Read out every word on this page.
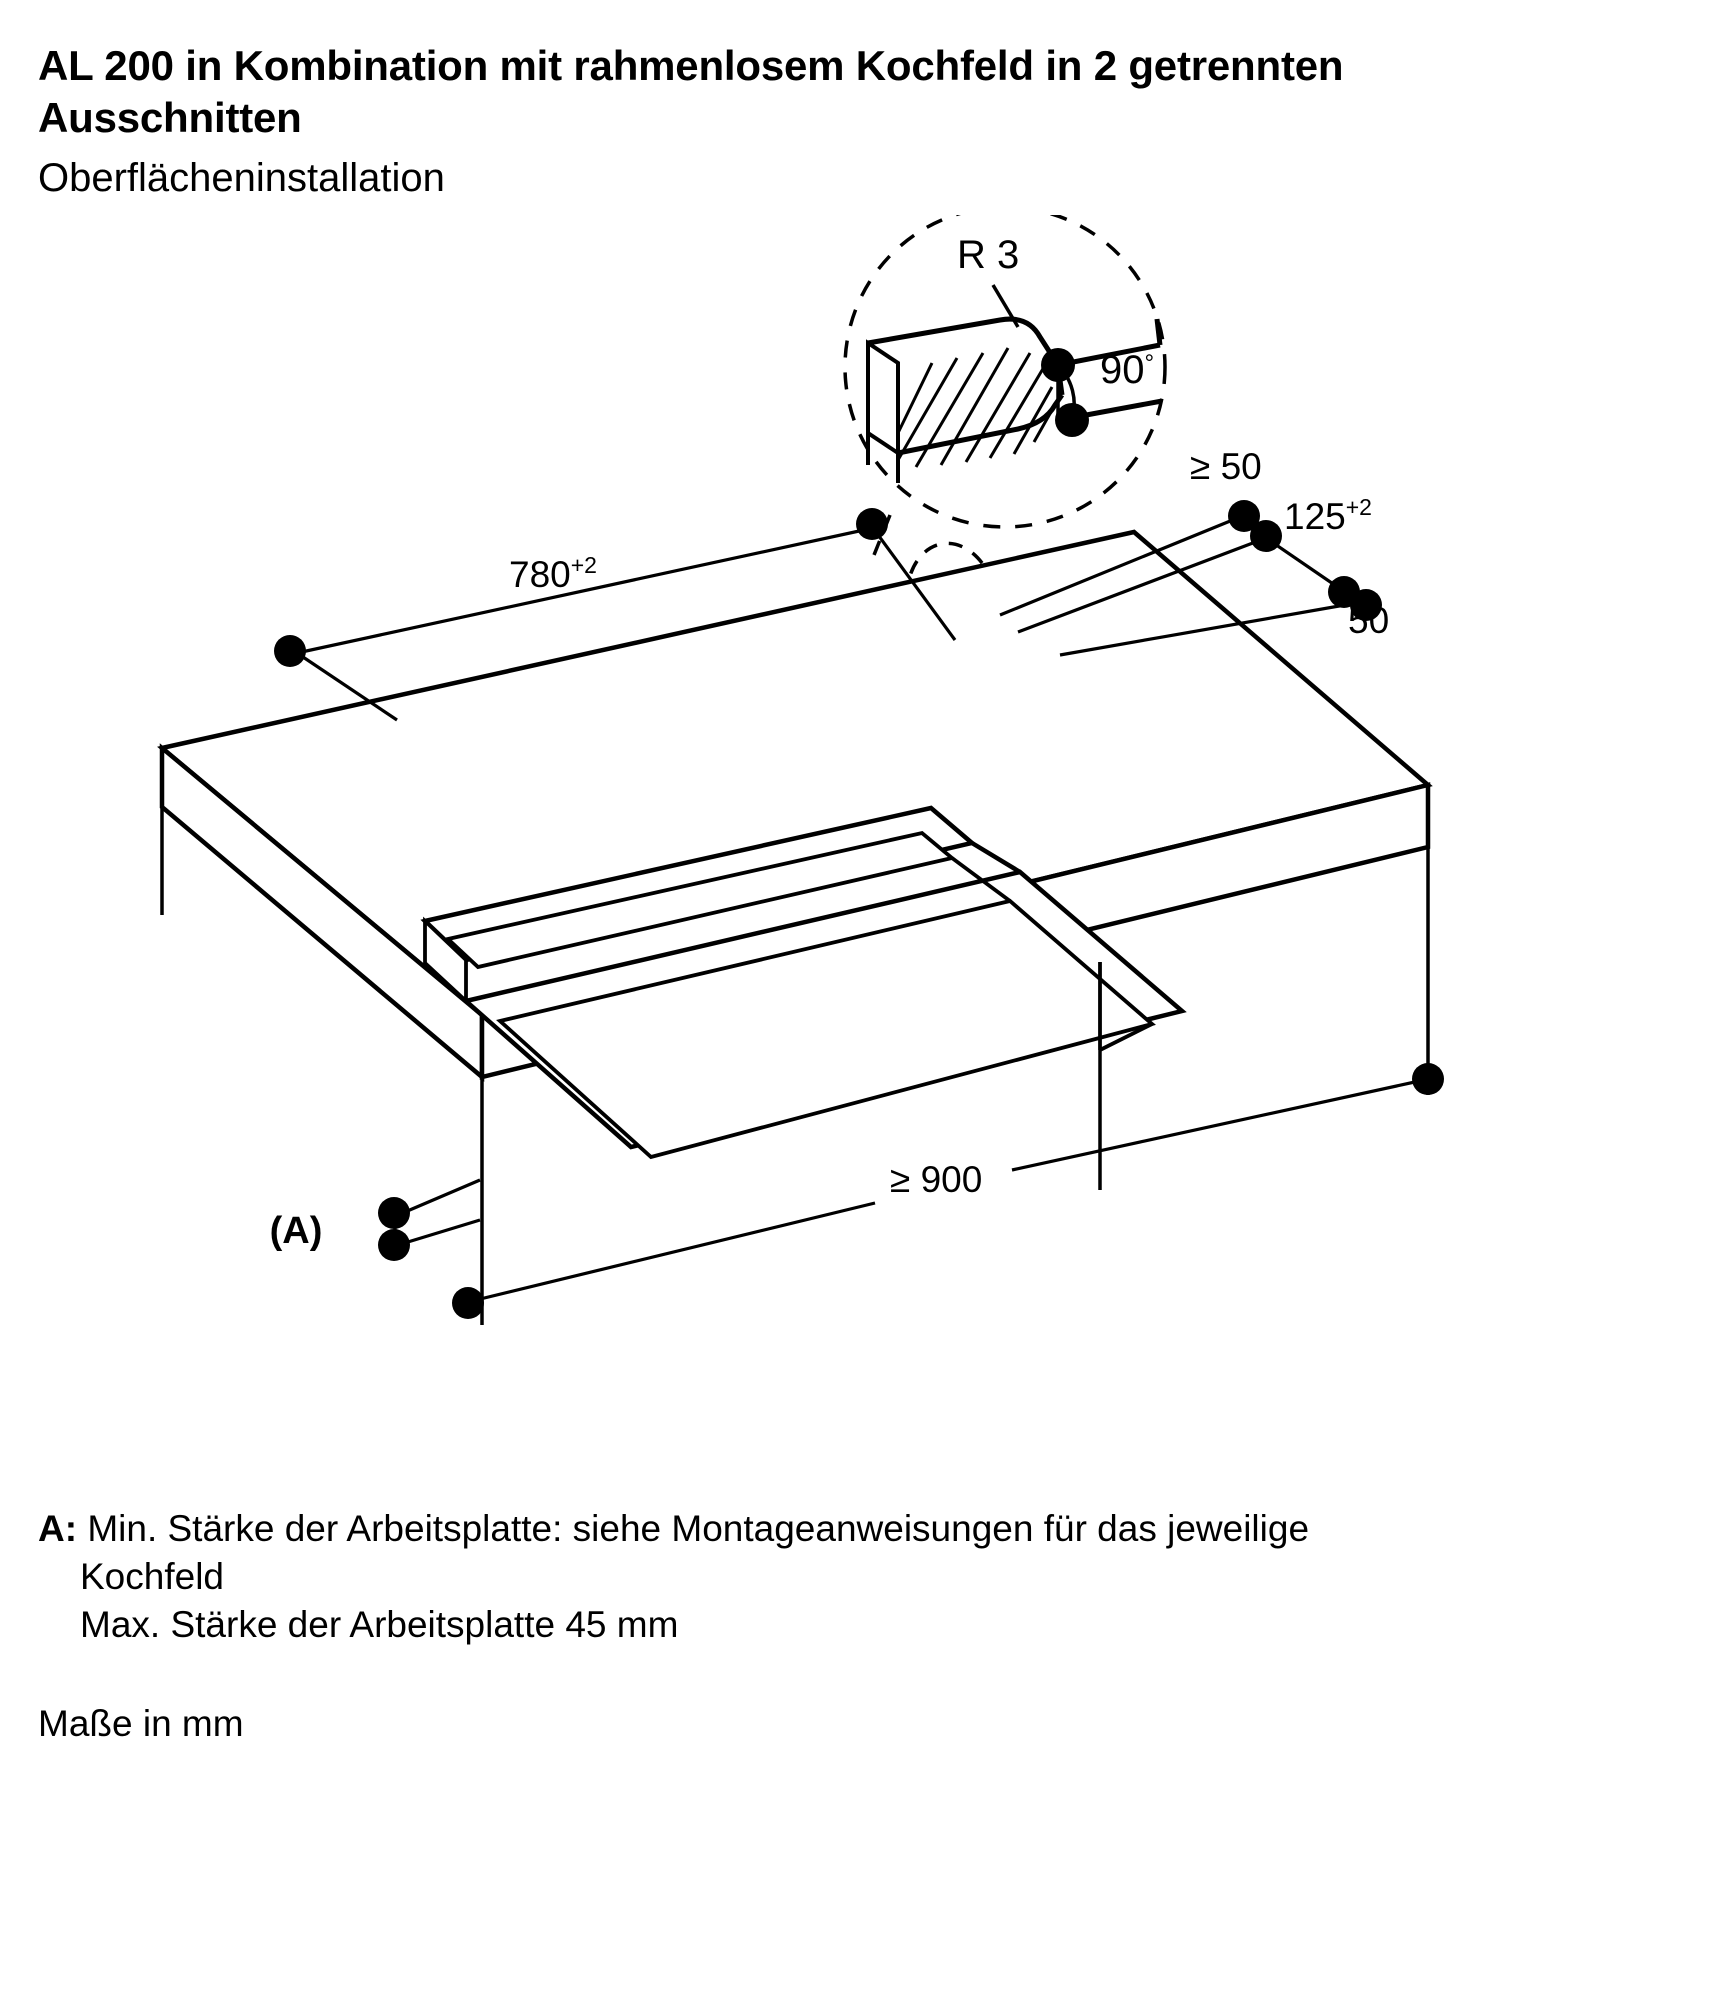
AL 200 in Kombination mit rahmenlosem Kochfeld in 2 getrennten
Ausschnitten
Oberflächeninstallation
R 3
90°
$780^{+2}$
≥ 50
$125^{+2}$
50
≥ 900
(A)
A: Min. Stärke der Arbeitsplatte: siehe Montageanweisungen für das jeweilige
Kochfeld
Max. Stärke der Arbeitsplatte 45 mm
Maße in mm
